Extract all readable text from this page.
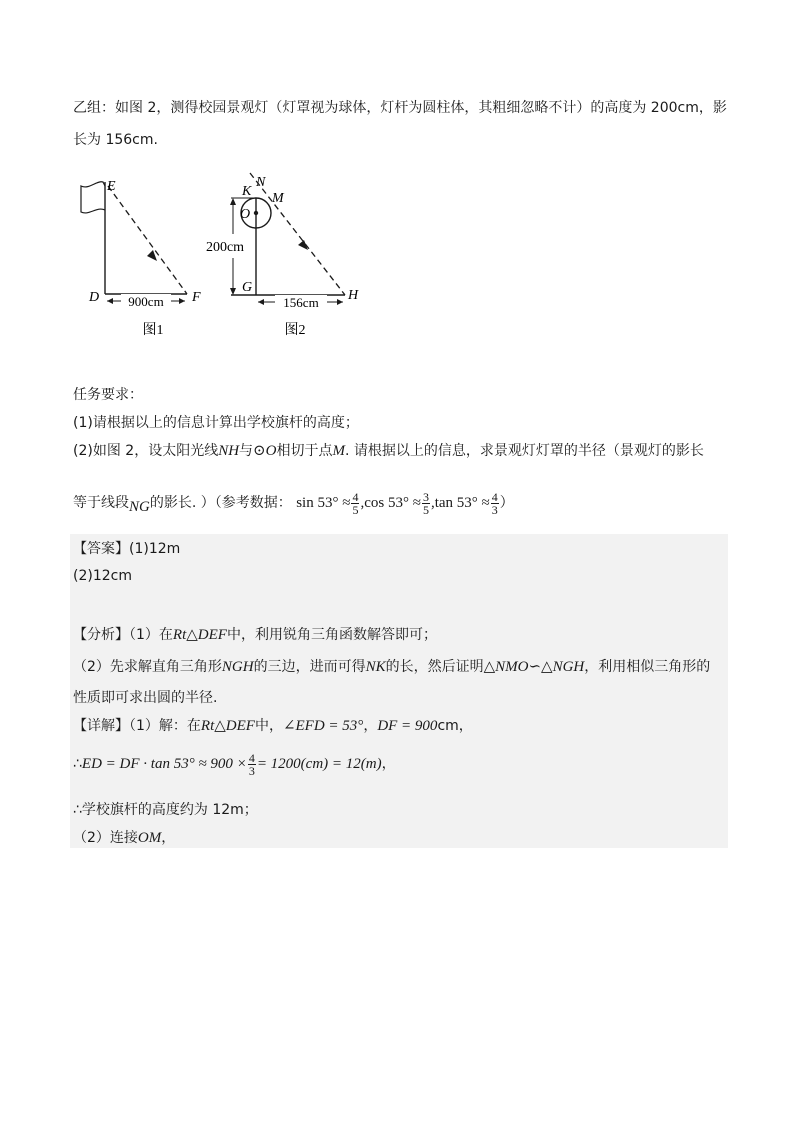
乙组：如图 2，测得校园景观灯（灯罩视为球体，灯杆为圆柱体，其粗细忽略不计）的高度为 200cm，影
长为 156cm.
900cm
E
D	F
图1
200cm
156cm
K
N
M
O
G
H
图2
任务要求：
(1)请根据以上的信息计算出学校旗杆的高度；
(2)如图 2，设太阳光线NH与⊙O相切于点M. 请根据以上的信息，求景观灯灯罩的半径（景观灯的影长
等于线段NG的影长. ）（参考数据： $\sin 53^\circ \approx \frac{4}{5} ,\cos$ $53^\circ \approx \frac{3}{5} ,\tan$ $53^\circ \approx \frac{4}{3}$ ）
【答案】(1)12m
(2)12cm
【分析】（1）在Rt△DEF中，利用锐角三角函数解答即可；
（2）先求解直角三角形NGH的三边，进而可得NK的长，然后证明△NMO∽△NGH，利用相似三角形的
性质即可求出圆的半径.
【详解】（1）解：在Rt△DEF中，∠EFD = 53°，DF = 900cm，
∴ED = DF · $\tan 53^\circ \approx 900 \times \frac{4}{3} = 1200(cm) = 12(m)$，
∴学校旗杆的高度约为 12m；
（2）连接OM，
